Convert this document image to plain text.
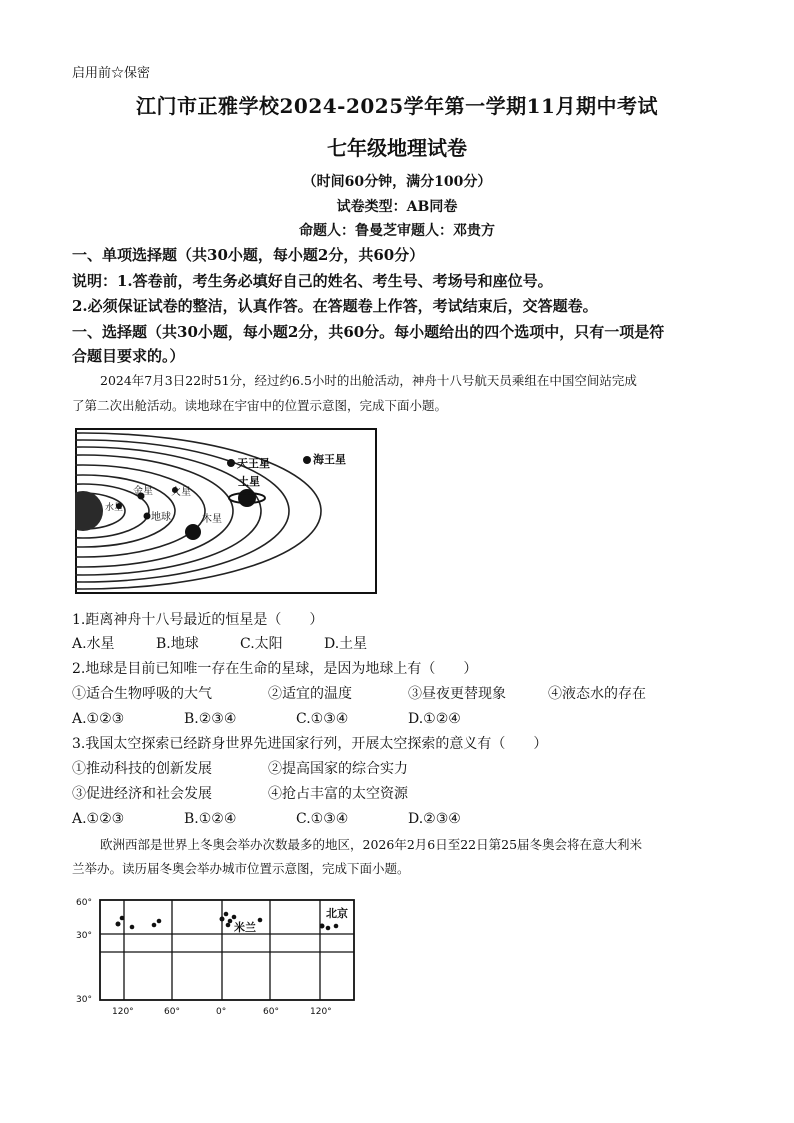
启用前☆保密
江门市正雅学校2024-2025学年第一学期11月期中考试
七年级地理试卷
（时间60分钟，满分100分）
试卷类型：AB同卷
命题人：鲁曼芝审题人：邓贵方
一、单项选择题（共30小题，每小题2分，共60分）
说明：1.答卷前，考生务必填好自己的姓名、考生号、考场号和座位号。
2.必须保证试卷的整洁，认真作答。在答题卷上作答，考试结束后，交答题卷。
一、选择题（共30小题，每小题2分，共60分。每小题给出的四个选项中，只有一项是符
合题目要求的。）
2024年7月3日22时51分，经过约6.5小时的出舱活动，神舟十八号航天员乘组在中国空间站完成
了第二次出舱活动。读地球在宇宙中的位置示意图，完成下面小题。
天王星	海王星
土星
水星
金星 火星
地球	木星
1.距离神舟十八号最近的恒星是（　　）
A.水星	B.地球	C.太阳	D.土星
2.地球是目前已知唯一存在生命的星球，是因为地球上有（　　）
①适合生物呼吸的大气	②适宜的温度	③昼夜更替现象	④液态水的存在
A.①②③	B.②③④	C.①③④	D.①②④
3.我国太空探索已经跻身世界先进国家行列，开展太空探索的意义有（　　）
①推动科技的创新发展	②提高国家的综合实力
③促进经济和社会发展	④抢占丰富的太空资源
A.①②③	B.①②④	C.①③④	D.②③④
欧洲西部是世界上冬奥会举办次数最多的地区，2026年2月6日至22日第25届冬奥会将在意大利米
兰举办。读历届冬奥会举办城市位置示意图，完成下面小题。
60°
30°
30°
120°	60°	0°	60°	120°
米兰
北京
